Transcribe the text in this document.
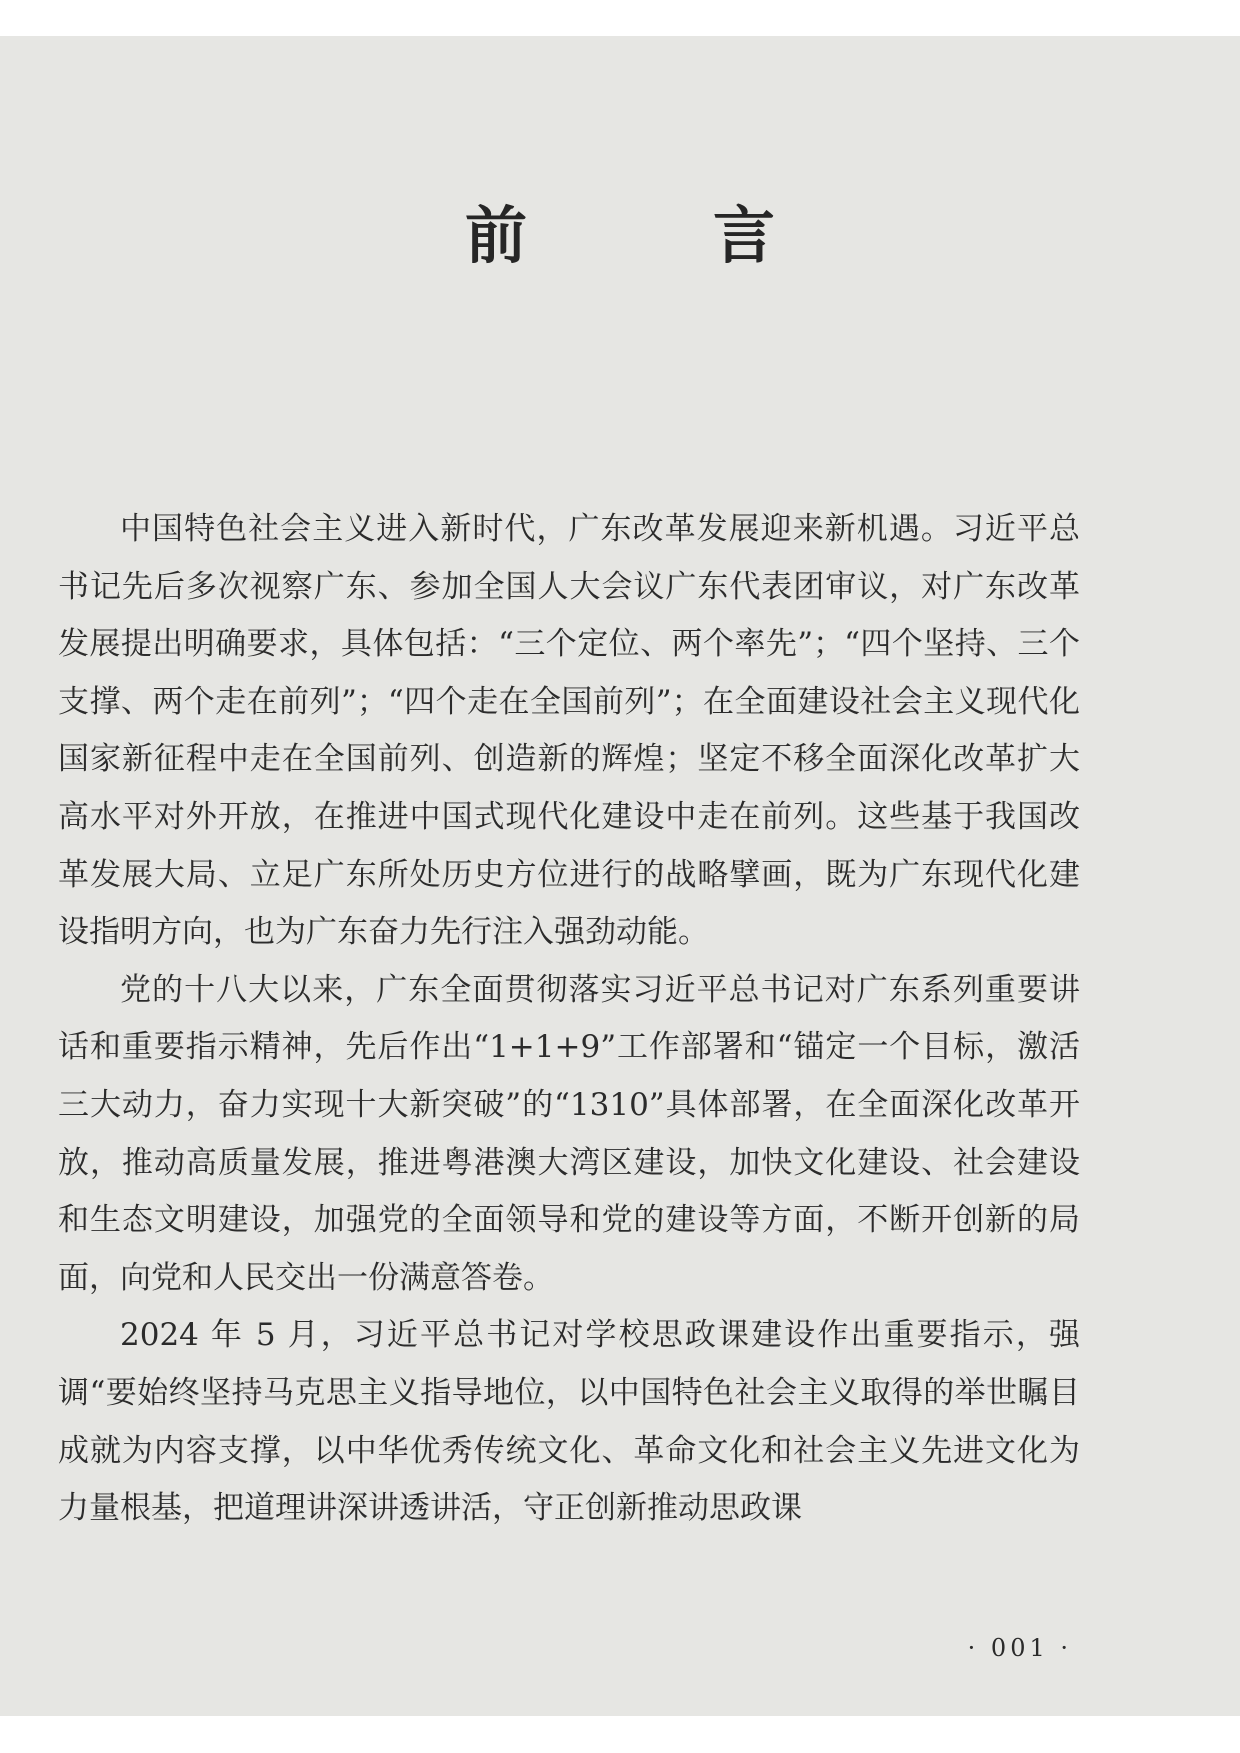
前　言

中国特色社会主义进入新时代，广东改革发展迎来新机遇。习近平总书记先后多次视察广东、参加全国人大会议广东代表团审议，对广东改革发展提出明确要求，具体包括：“三个定位、两个率先”；“四个坚持、三个支撑、两个走在前列”；“四个走在全国前列”；在全面建设社会主义现代化国家新征程中走在全国前列、创造新的辉煌；坚定不移全面深化改革扩大高水平对外开放，在推进中国式现代化建设中走在前列。这些基于我国改革发展大局、立足广东所处历史方位进行的战略擘画，既为广东现代化建设指明方向，也为广东奋力先行注入强劲动能。

党的十八大以来，广东全面贯彻落实习近平总书记对广东系列重要讲话和重要指示精神，先后作出“1+1+9”工作部署和“锚定一个目标，激活三大动力，奋力实现十大新突破”的“1310”具体部署，在全面深化改革开放，推动高质量发展，推进粤港澳大湾区建设，加快文化建设、社会建设和生态文明建设，加强党的全面领导和党的建设等方面，不断开创新的局面，向党和人民交出一份满意答卷。

2024 年 5 月，习近平总书记对学校思政课建设作出重要指示，强调“要始终坚持马克思主义指导地位，以中国特色社会主义取得的举世瞩目成就为内容支撑，以中华优秀传统文化、革命文化和社会主义先进文化为力量根基，把道理讲深讲透讲活，守正创新推动思政课

· 001 ·
